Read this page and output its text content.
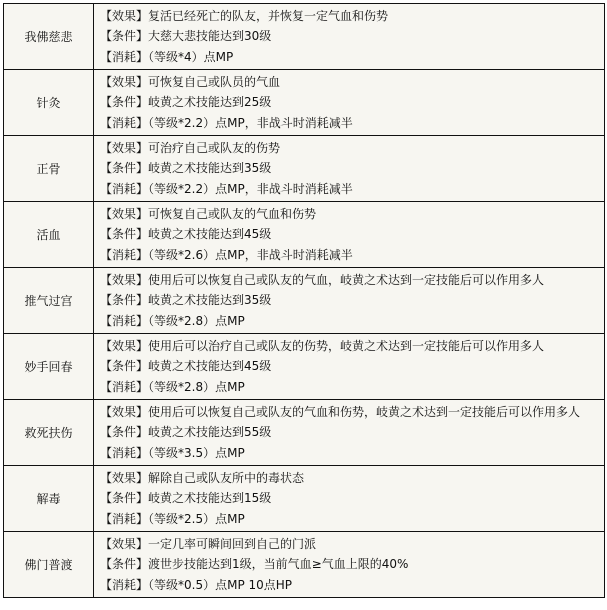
我佛慈悲	【效果】复活已经死亡的队友，并恢复一定气血和伤势
【条件】大慈大悲技能达到30级
【消耗】（等级*4）点MP

针灸	【效果】可恢复自己或队员的气血
【条件】岐黄之术技能达到25级
【消耗】（等级*2.2）点MP，非战斗时消耗减半

正骨	【效果】可治疗自己或队友的伤势
【条件】岐黄之术技能达到35级
【消耗】（等级*2.2）点MP，非战斗时消耗减半

活血	【效果】可恢复自己或队友的气血和伤势
【条件】岐黄之术技能达到45级
【消耗】（等级*2.6）点MP，非战斗时消耗减半

推气过宫	【效果】使用后可以恢复自己或队友的气血，岐黄之术达到一定技能后可以作用多人
【条件】岐黄之术技能达到35级
【消耗】（等级*2.8）点MP

妙手回春	【效果】使用后可以治疗自己或队友的伤势，岐黄之术达到一定技能后可以作用多人
【条件】岐黄之术技能达到45级
【消耗】（等级*2.8）点MP

救死扶伤	【效果】使用后可以恢复自己或队友的气血和伤势，岐黄之术达到一定技能后可以作用多人
【条件】岐黄之术技能达到55级
【消耗】（等级*3.5）点MP

解毒	【效果】解除自己或队友所中的毒状态
【条件】岐黄之术技能达到15级
【消耗】（等级*2.5）点MP

佛门普渡	【效果】一定几率可瞬间回到自己的门派
【条件】渡世步技能达到1级，当前气血≥气血上限的40%
【消耗】（等级*0.5）点MP 10点HP
